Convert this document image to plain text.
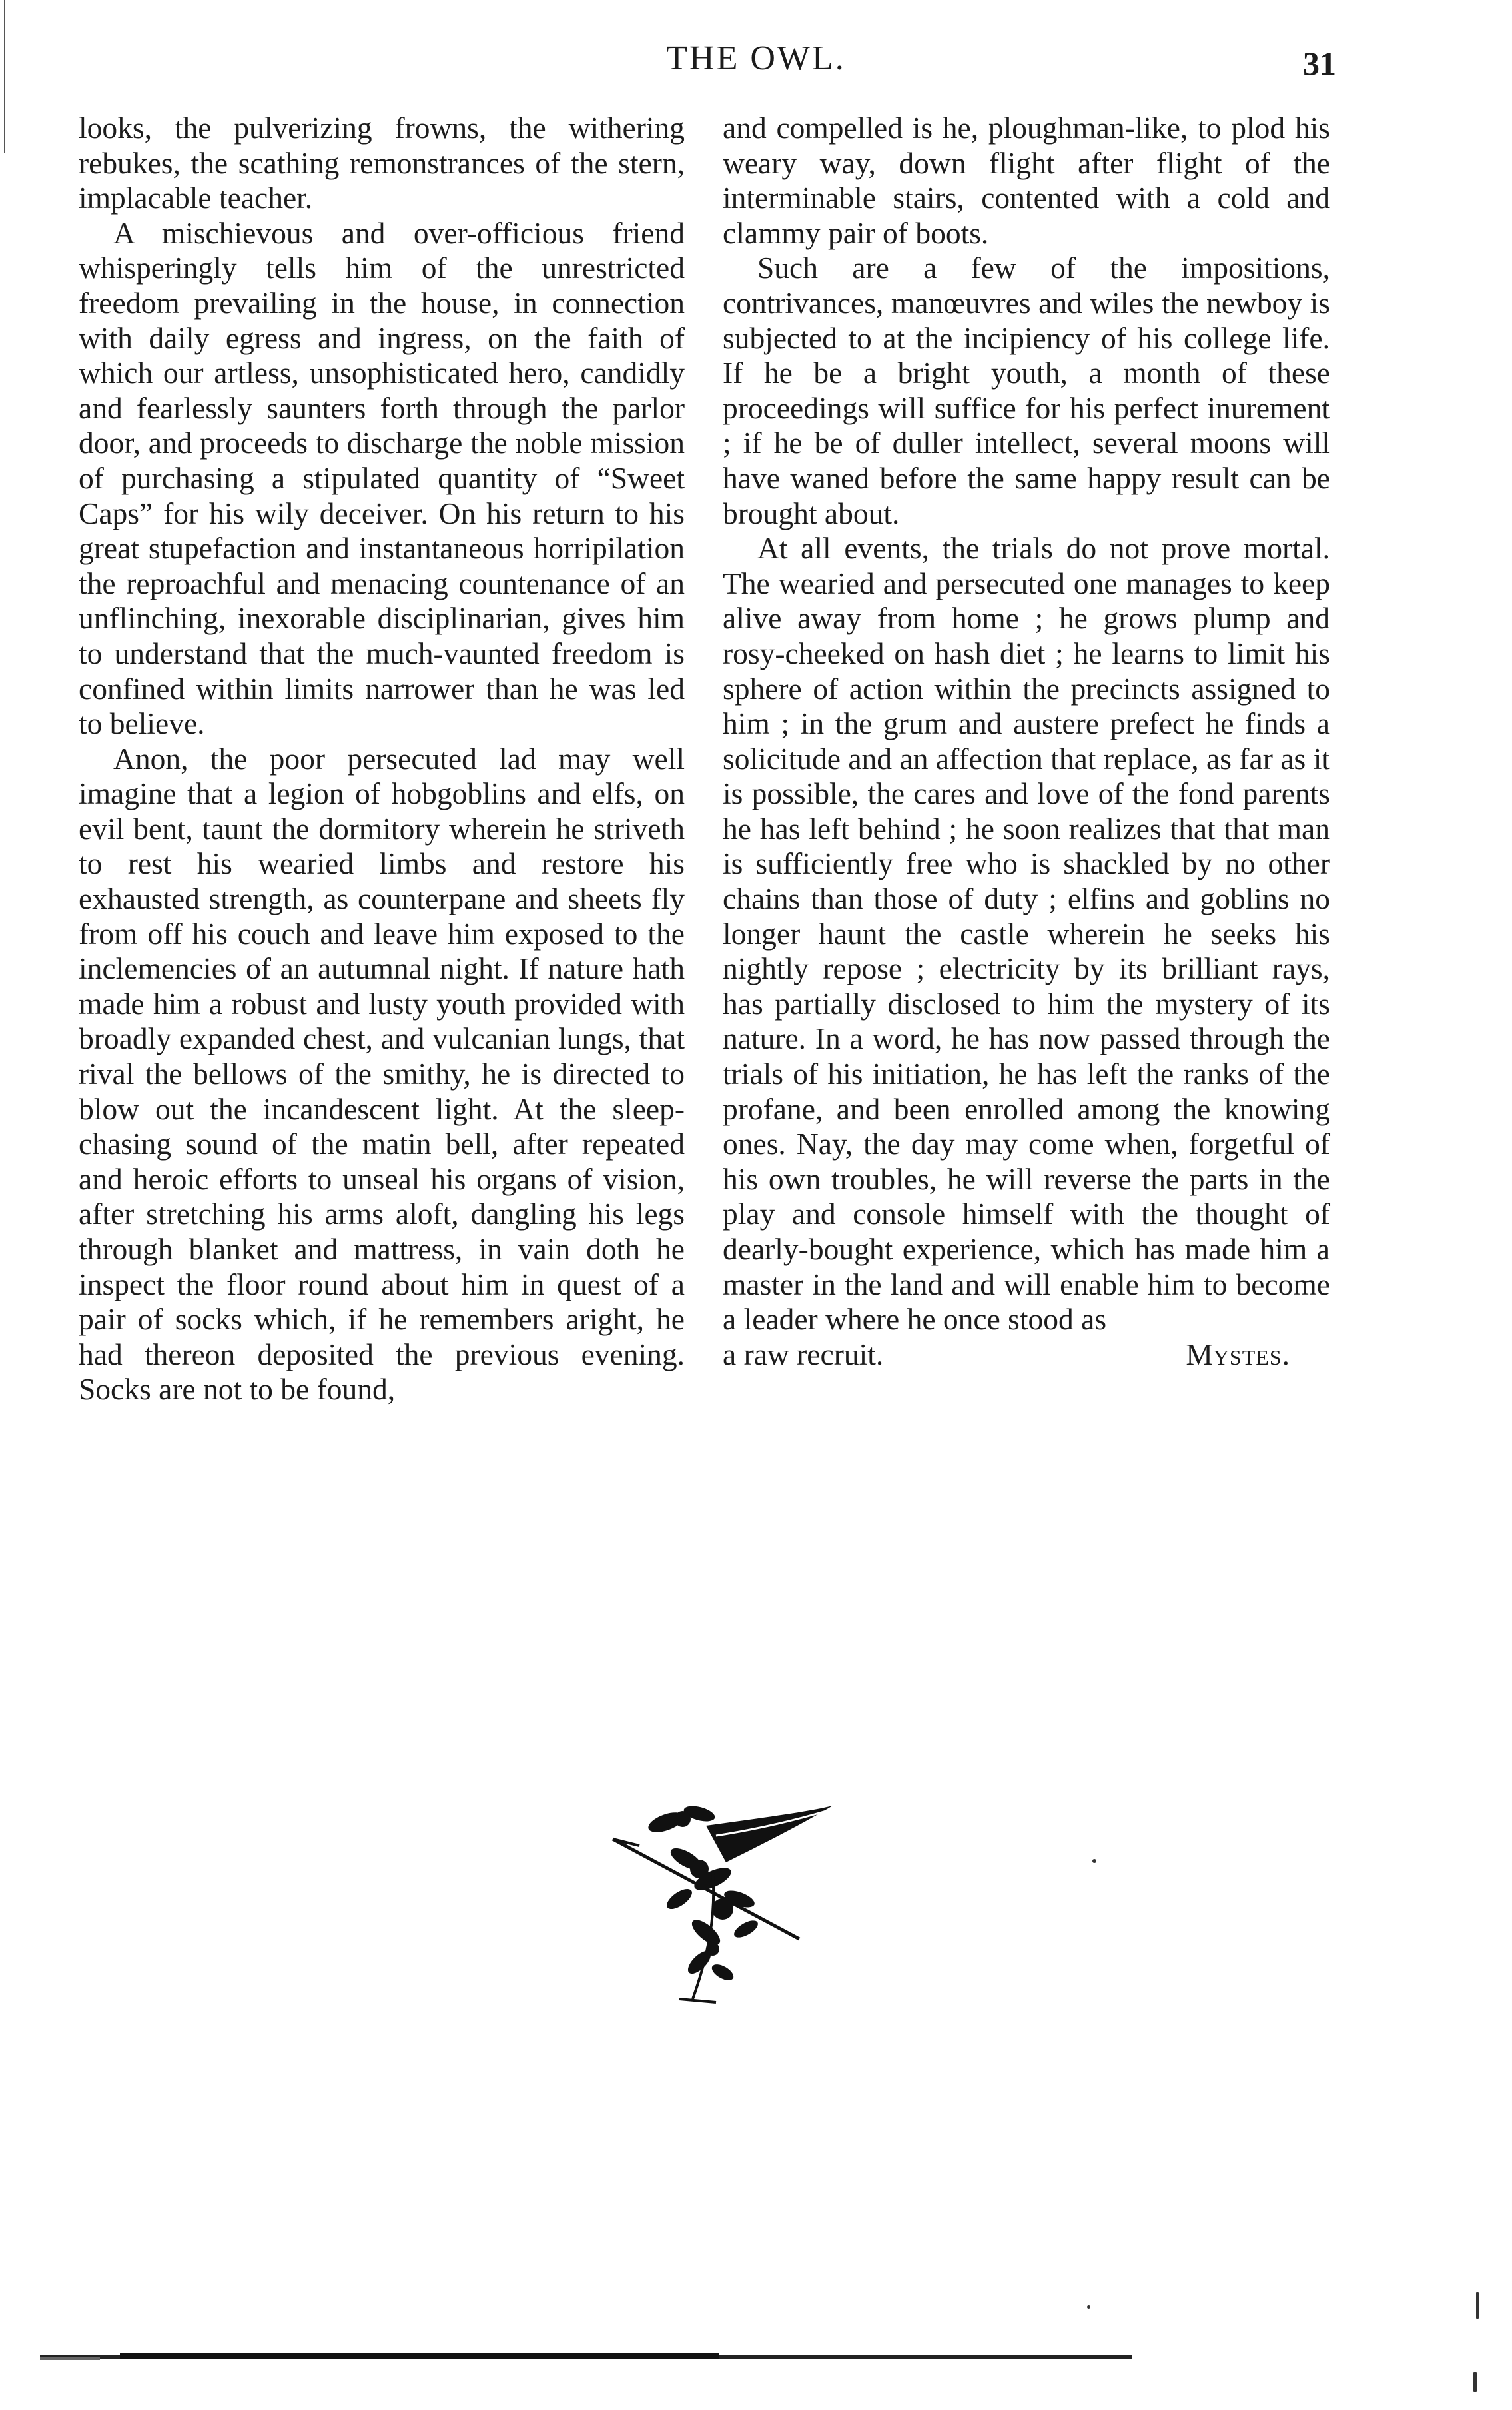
THE OWL.	31

looks, the pulverizing frowns, the withering rebukes, the scathing remonstrances of the stern, implacable teacher.

A mischievous and over-officious friend whisperingly tells him of the unrestricted freedom prevailing in the house, in connection with daily egress and ingress, on the faith of which our artless, unsophisticated hero, candidly and fearlessly saunters forth through the parlor door, and proceeds to discharge the noble mission of purchasing a stipulated quantity of “Sweet Caps” for his wily deceiver. On his return to his great stupefaction and instantaneous horripilation the reproachful and menacing countenance of an unflinching, inexorable disciplinarian, gives him to understand that the much-vaunted freedom is confined within limits narrower than he was led to believe.

Anon, the poor persecuted lad may well imagine that a legion of hobgoblins and elfs, on evil bent, taunt the dormitory wherein he striveth to rest his wearied limbs and restore his exhausted strength, as counterpane and sheets fly from off his couch and leave him exposed to the inclemencies of an autumnal night. If nature hath made him a robust and lusty youth provided with broadly expanded chest, and vulcanian lungs, that rival the bellows of the smithy, he is directed to blow out the incandescent light. At the sleep-chasing sound of the matin bell, after repeated and heroic efforts to unseal his organs of vision, after stretching his arms aloft, dangling his legs through blanket and mattress, in vain doth he inspect the floor round about him in quest of a pair of socks which, if he remembers aright, he had thereon deposited the previous evening. Socks are not to be found,

and compelled is he, ploughman-like, to plod his weary way, down flight after flight of the interminable stairs, contented with a cold and clammy pair of boots.

Such are a few of the impositions, contrivances, manœuvres and wiles the newboy is subjected to at the incipiency of his college life. If he be a bright youth, a month of these proceedings will suffice for his perfect inurement ; if he be of duller intellect, several moons will have waned before the same happy result can be brought about.

At all events, the trials do not prove mortal. The wearied and persecuted one manages to keep alive away from home ; he grows plump and rosy-cheeked on hash diet ; he learns to limit his sphere of action within the precincts assigned to him ; in the grum and austere prefect he finds a solicitude and an affection that replace, as far as it is possible, the cares and love of the fond parents he has left behind ; he soon realizes that that man is sufficiently free who is shackled by no other chains than those of duty ; elfins and goblins no longer haunt the castle wherein he seeks his nightly repose ; electricity by its brilliant rays, has partially disclosed to him the mystery of its nature. In a word, he has now passed through the trials of his initiation, he has left the ranks of the profane, and been enrolled among the knowing ones. Nay, the day may come when, forgetful of his own troubles, he will reverse the parts in the play and console himself with the thought of dearly-bought experience, which has made him a master in the land and will enable him to become a leader where he once stood as

a raw recruit.	Mystes.
